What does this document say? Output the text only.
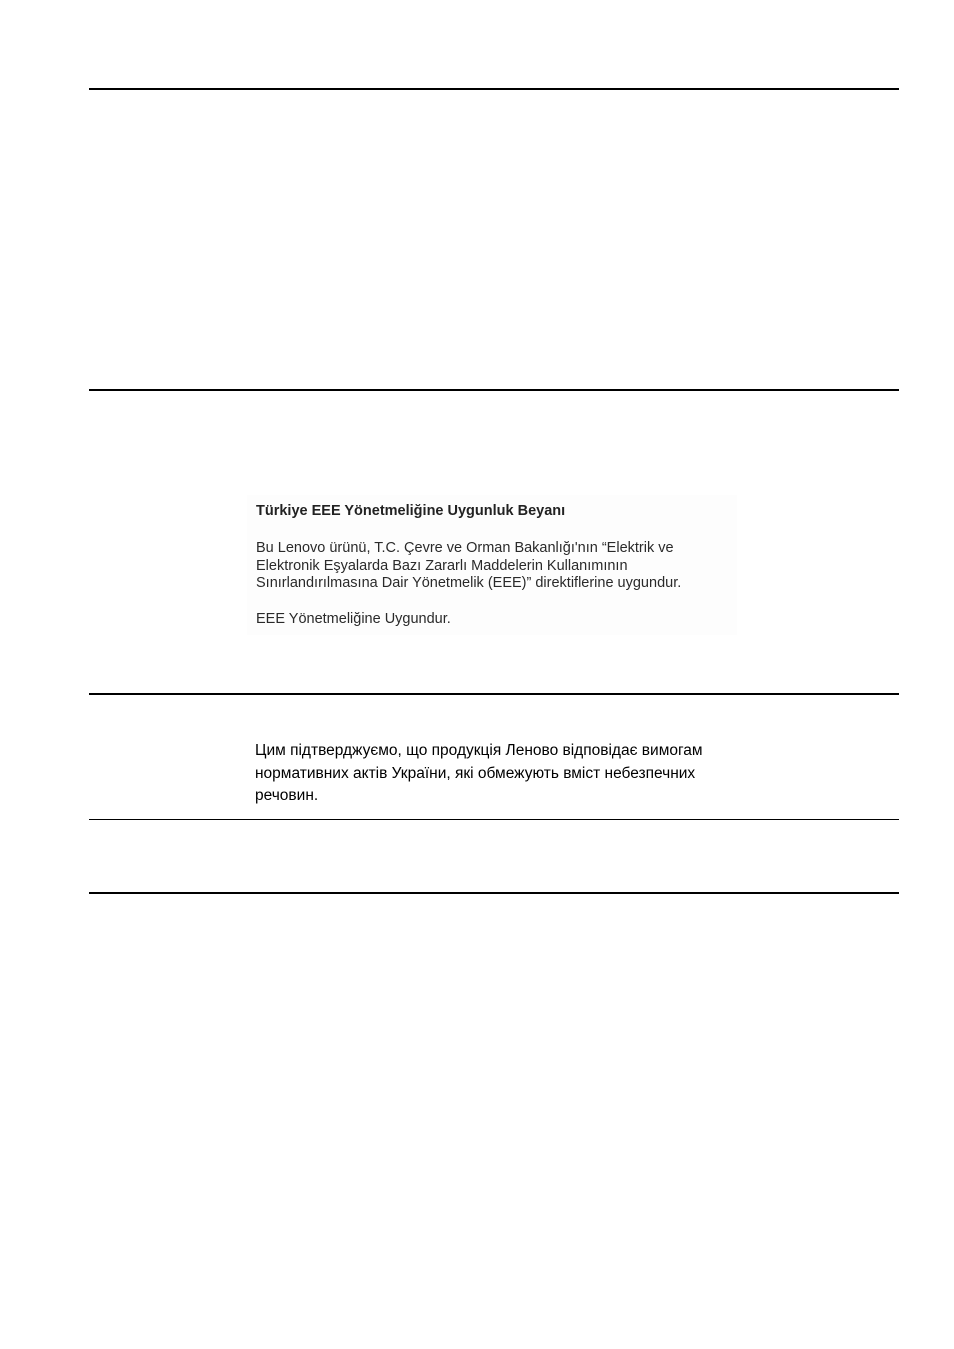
Türkiye EEE Yönetmeliğine Uygunluk Beyanı
Bu Lenovo ürünü, T.C. Çevre ve Orman Bakanlığı'nın “Elektrik ve
Elektronik Eşyalarda Bazı Zararlı Maddelerin Kullanımının
Sınırlandırılmasına Dair Yönetmelik (EEE)” direktiflerine uygundur.
EEE Yönetmeliğine Uygundur.
Цим підтверджуємо, що продукція Леново відповідає вимогам
нормативних актів України, які обмежують вміст небезпечних
речовин.
